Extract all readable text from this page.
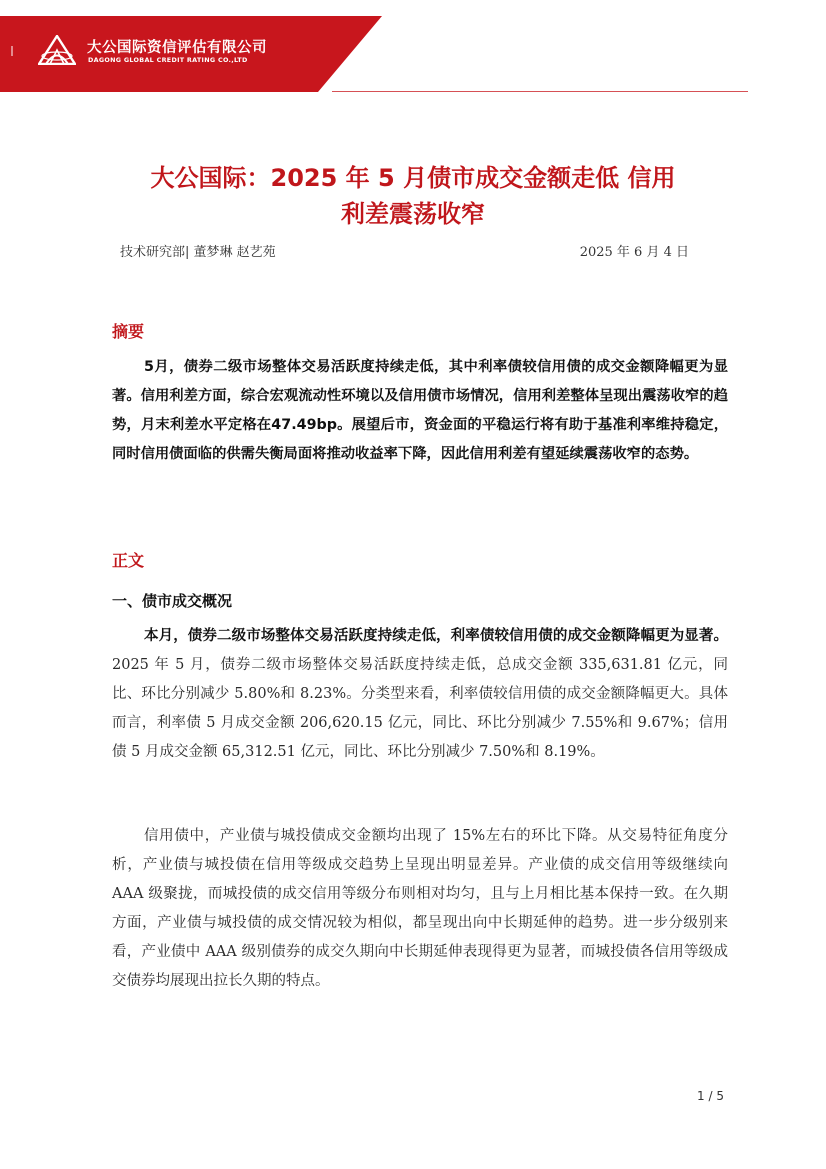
大公国际资信评估有限公司
DAGONG GLOBAL CREDIT RATING CO.,LTD
大公国际：2025 年 5 月债市成交金额走低 信用
利差震荡收窄
技术研究部| 董梦琳 赵艺苑	2025 年 6 月 4 日
摘要

5月，债券二级市场整体交易活跃度持续走低，其中利率债较信用债的成交金额降幅更为显著。信用利差方面，综合宏观流动性环境以及信用债市场情况，信用利差整体呈现出震荡收窄的趋势，月末利差水平定格在47.49bp。展望后市，资金面的平稳运行将有助于基准利率维持稳定，同时信用债面临的供需失衡局面将推动收益率下降，因此信用利差有望延续震荡收窄的态势。

正文
一、债市成交概况

本月，债券二级市场整体交易活跃度持续走低，利率债较信用债的成交金额降幅更为显著。2025 年 5 月，债券二级市场整体交易活跃度持续走低，总成交金额 335,631.81 亿元，同比、环比分别减少 5.80%和 8.23%。分类型来看，利率债较信用债的成交金额降幅更大。具体而言，利率债 5 月成交金额 206,620.15 亿元，同比、环比分别减少 7.55%和 9.67%；信用债 5 月成交金额 65,312.51 亿元，同比、环比分别减少 7.50%和 8.19%。

信用债中，产业债与城投债成交金额均出现了 15%左右的环比下降。从交易特征角度分析，产业债与城投债在信用等级成交趋势上呈现出明显差异。产业债的成交信用等级继续向 AAA 级聚拢，而城投债的成交信用等级分布则相对均匀，且与上月相比基本保持一致。在久期方面，产业债与城投债的成交情况较为相似，都呈现出向中长期延伸的趋势。进一步分级别来看，产业债中 AAA 级别债券的成交久期向中长期延伸表现得更为显著，而城投债各信用等级成交债券均展现出拉长久期的特点。

1 / 5
